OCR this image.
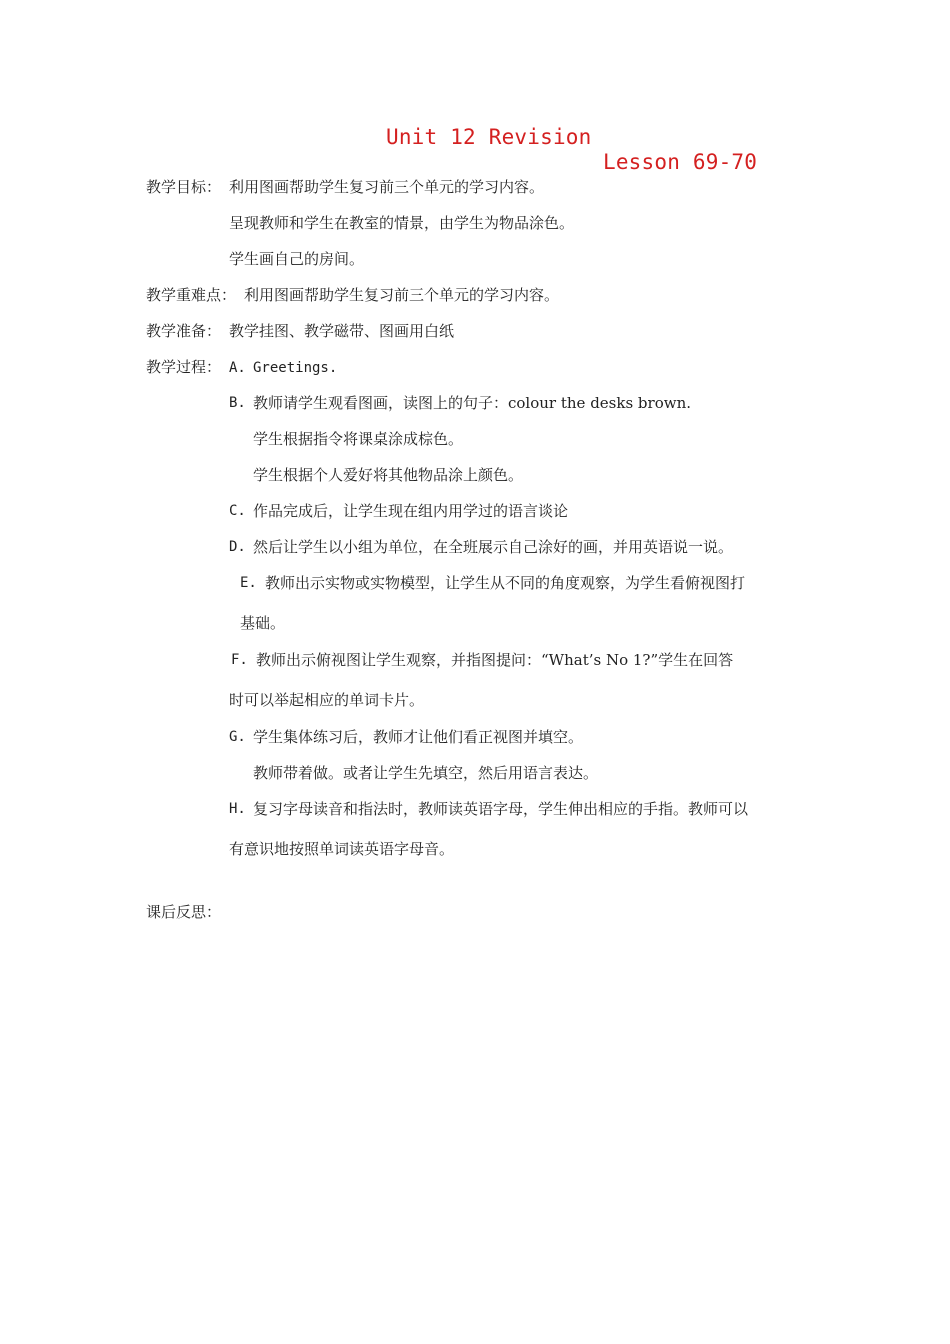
Unit 12 Revision
Lesson 69-70
教学目标： 利用图画帮助学生复习前三个单元的学习内容。
呈现教师和学生在教室的情景，由学生为物品涂色。
学生画自己的房间。
教学重难点： 利用图画帮助学生复习前三个单元的学习内容。
教学准备： 教学挂图、教学磁带、图画用白纸
教学过程： A. Greetings.
B. 教师请学生观看图画，读图上的句子：colour the desks brown.
学生根据指令将课桌涂成棕色。
学生根据个人爱好将其他物品涂上颜色。
C. 作品完成后，让学生现在组内用学过的语言谈论
D. 然后让学生以小组为单位，在全班展示自己涂好的画，并用英语说一说。
E. 教师出示实物或实物模型，让学生从不同的角度观察，为学生看俯视图打
基础。
F. 教师出示俯视图让学生观察，并指图提问：“What’s No 1?”学生在回答
时可以举起相应的单词卡片。
G. 学生集体练习后，教师才让他们看正视图并填空。
教师带着做。或者让学生先填空，然后用语言表达。
H. 复习字母读音和指法时，教师读英语字母，学生伸出相应的手指。教师可以
有意识地按照单词读英语字母音。
课后反思：
